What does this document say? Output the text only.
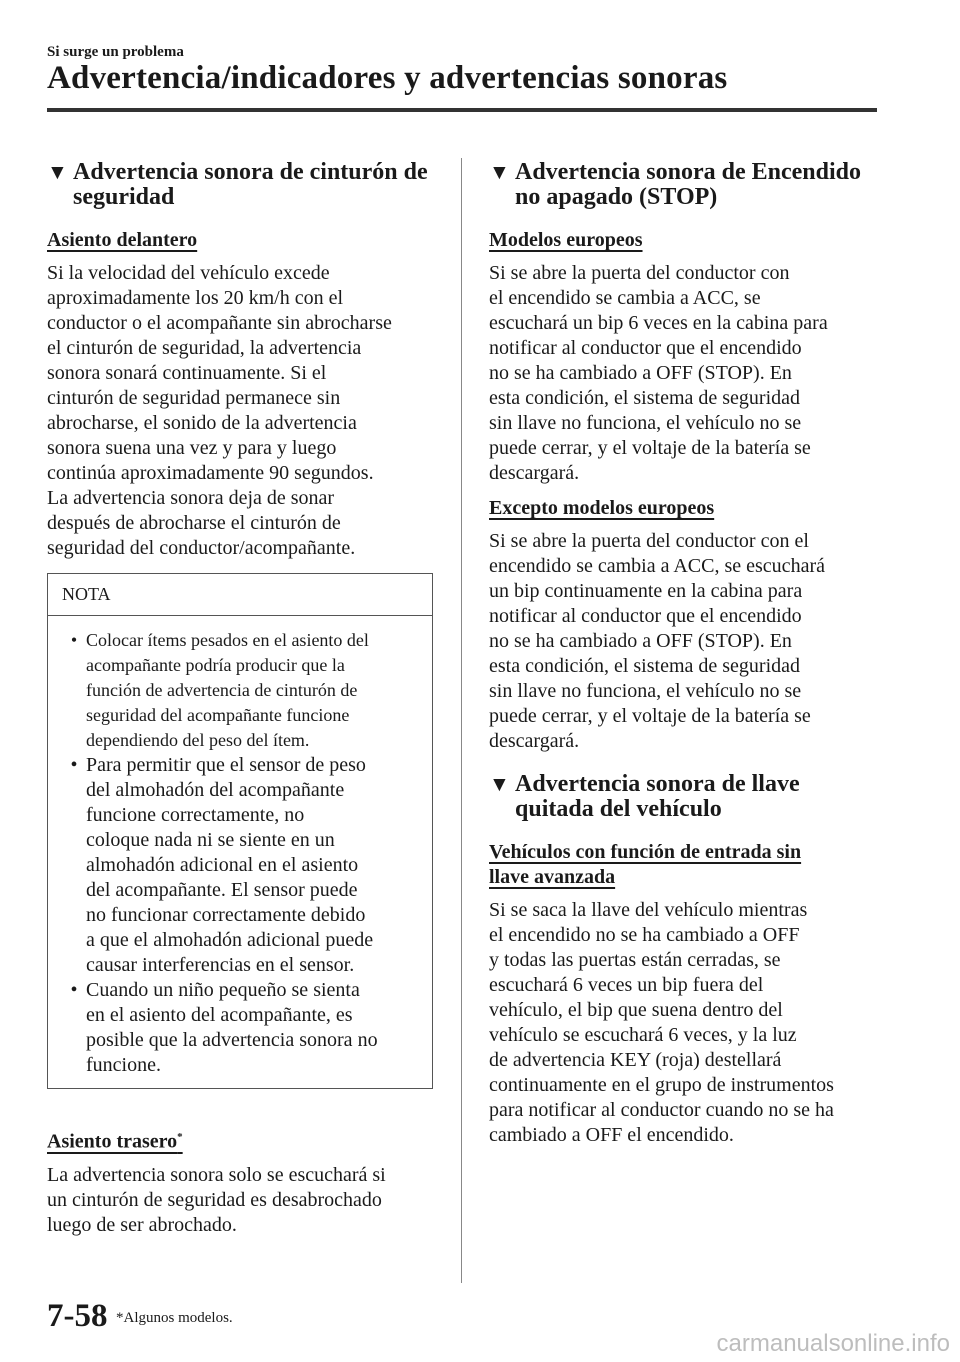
Si surge un problema
Advertencia/indicadores y advertencias sonoras
▼ Advertencia sonora de cinturón de
seguridad
Asiento delantero

Si la velocidad del vehículo excede
aproximadamente los 20 km/h con el
conductor o el acompañante sin abrocharse
el cinturón de seguridad, la advertencia
sonora sonará continuamente. Si el
cinturón de seguridad permanece sin
abrocharse, el sonido de la advertencia
sonora suena una vez y para y luego
continúa aproximadamente 90 segundos.
La advertencia sonora deja de sonar
después de abrocharse el cinturón de
seguridad del conductor/acompañante.

NOTA
• Colocar ítems pesados en el asiento del
acompañante podría producir que la
función de advertencia de cinturón de
seguridad del acompañante funcione
dependiendo del peso del ítem.
• Para permitir que el sensor de peso
del almohadón del acompañante
funcione correctamente, no
coloque nada ni se siente en un
almohadón adicional en el asiento
del acompañante. El sensor puede
no funcionar correctamente debido
a que el almohadón adicional puede
causar interferencias en el sensor.
• Cuando un niño pequeño se sienta
en el asiento del acompañante, es
posible que la advertencia sonora no
funcione.
Asiento trasero*

La advertencia sonora solo se escuchará si
un cinturón de seguridad es desabrochado
luego de ser abrochado.

▼ Advertencia sonora de Encendido
no apagado (STOP)
Modelos europeos

Si se abre la puerta del conductor con
el encendido se cambia a ACC, se
escuchará un bip 6 veces en la cabina para
notificar al conductor que el encendido
no se ha cambiado a OFF (STOP). En
esta condición, el sistema de seguridad
sin llave no funciona, el vehículo no se
puede cerrar, y el voltaje de la batería se
descargará.

Excepto modelos europeos

Si se abre la puerta del conductor con el
encendido se cambia a ACC, se escuchará
un bip continuamente en la cabina para
notificar al conductor que el encendido
no se ha cambiado a OFF (STOP). En
esta condición, el sistema de seguridad
sin llave no funciona, el vehículo no se
puede cerrar, y el voltaje de la batería se
descargará.

▼ Advertencia sonora de llave
quitada del vehículo
Vehículos con función de entrada sin
llave avanzada

Si se saca la llave del vehículo mientras
el encendido no se ha cambiado a OFF
y todas las puertas están cerradas, se
escuchará 6 veces un bip fuera del
vehículo, el bip que suena dentro del
vehículo se escuchará 6 veces, y la luz
de advertencia KEY (roja) destellará
continuamente en el grupo de instrumentos
para notificar al conductor cuando no se ha
cambiado a OFF el encendido.

7-58 *Algunos modelos.
carmanualsonline.info
